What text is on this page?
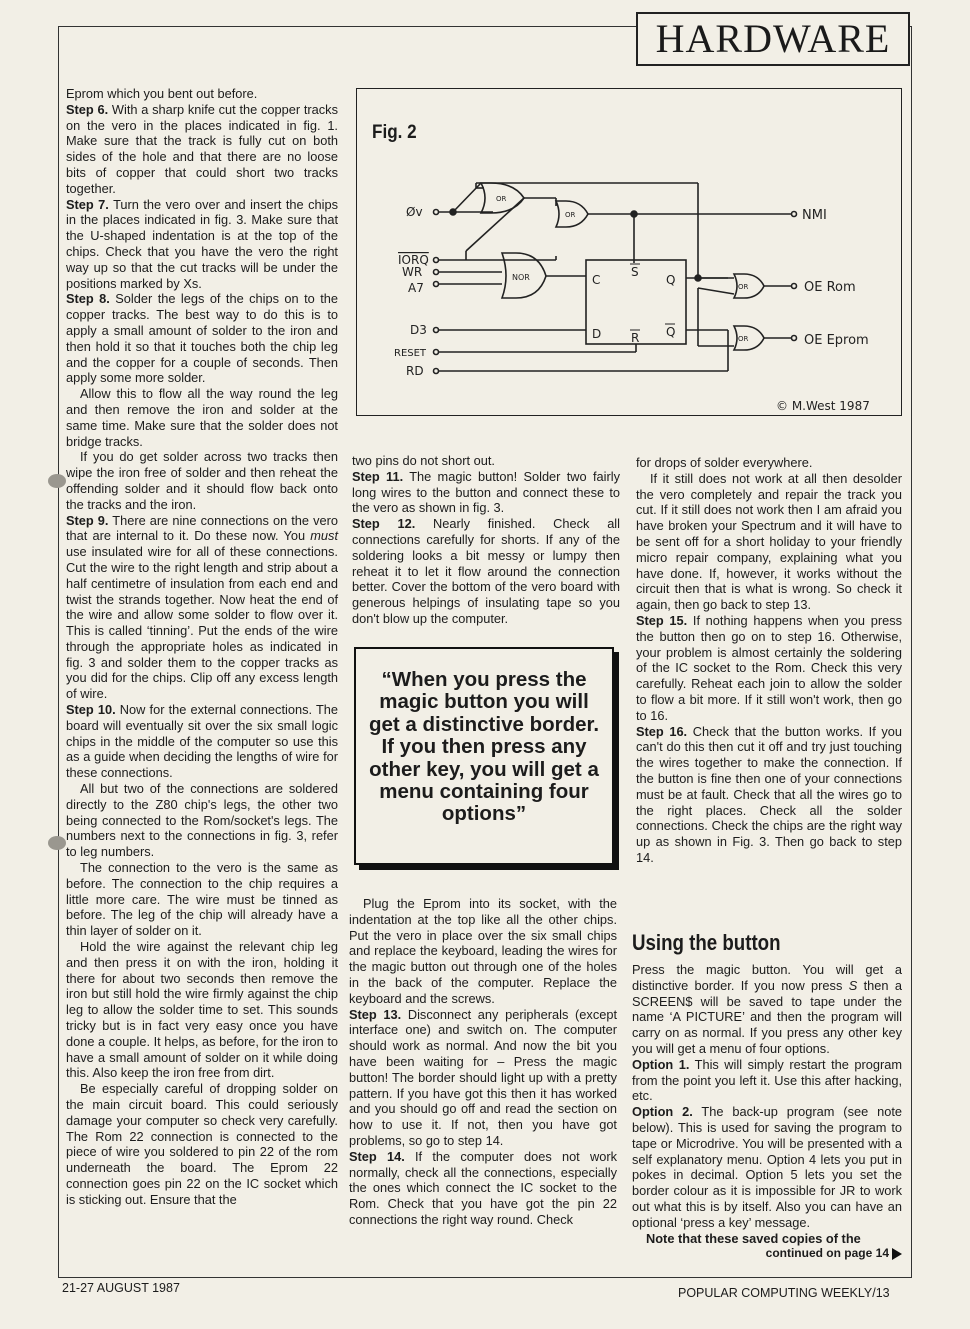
HARDWARE

Eprom which you bent out before.

Step 6. With a sharp knife cut the copper tracks on the vero in the places indicated in fig. 1. Make sure that the track is fully cut on both sides of the hole and that there are no loose bits of copper that could short two tracks together.

Step 7. Turn the vero over and insert the chips in the places indicated in fig. 3. Make sure that the U-shaped indentation is at the top of the chips. Check that you have the vero the right way up so that the cut tracks will be under the positions marked by Xs.

Step 8. Solder the legs of the chips on to the copper tracks. The best way to do this is to apply a small amount of solder to the iron and then hold it so that it touches both the chip leg and the copper for a couple of seconds. Then apply some more solder.

Allow this to flow all the way round the leg and then remove the iron and solder at the same time. Make sure that the solder does not bridge tracks.

If you do get solder across two tracks then wipe the iron free of solder and then reheat the offending solder and it should flow back onto the tracks and the iron.

Step 9. There are nine connections on the vero that are internal to it. Do these now. You must use insulated wire for all of these connections. Cut the wire to the right length and strip about a half centimetre of insulation from each end and twist the strands together. Now heat the end of the wire and allow some solder to flow over it. This is called ‘tinning’. Put the ends of the wire through the appropriate holes as indicated in fig. 3 and solder them to the copper tracks as you did for the chips. Clip off any excess length of wire.

Step 10. Now for the external connections. The board will eventually sit over the six small logic chips in the middle of the computer so use this as a guide when deciding the lengths of wire for these connections.

All but two of the connections are soldered directly to the Z80 chip's legs, the other two being connected to the Rom/socket's legs. The numbers next to the connections in fig. 3, refer to leg numbers.

The connection to the vero is the same as before. The connection to the chip requires a little more care. The wire must be tinned as before. The leg of the chip will already have a thin layer of solder on it.

Hold the wire against the relevant chip leg and then press it on with the iron, holding it there for about two seconds then remove the iron but still hold the wire firmly against the chip leg to allow the solder time to set. This sounds tricky but is in fact very easy once you have done a couple. It helps, as before, for the iron to have a small amount of solder on it while doing this. Also keep the iron free from dirt.

Be especially careful of dropping solder on the main circuit board. This could seriously damage your computer so check very carefully. The Rom 22 connection is connected to the piece of wire you soldered to pin 22 of the rom underneath the board. The Eprom 22 connection goes pin 22 on the IC socket which is sticking out. Ensure that the

Fig. 2
Øv
IORQ
WR
A7
D3
RESET
RD
NMI
OE Rom
OE Eprom
OR
OR
NOR
OR
OR
C
D
S
R
Q
Q
© M.West 1987

two pins do not short out.

Step 11. The magic button! Solder two fairly long wires to the button and connect these to the vero as shown in fig. 3.

Step 12. Nearly finished. Check all connections carefully for shorts. If any of the soldering looks a bit messy or lumpy then reheat it to let it flow around the connection better. Cover the bottom of the vero board with generous helpings of insulating tape so you don't blow up the computer.

“When you press the magic button you will get a distinctive border. If you then press any other key, you will get a menu containing four options”

Plug the Eprom into its socket, with the indentation at the top like all the other chips. Put the vero in place over the six small chips and replace the keyboard, leading the wires for the magic button out through one of the holes in the back of the computer. Replace the keyboard and the screws.

Step 13. Disconnect any peripherals (except interface one) and switch on. The computer should work as normal. And now the bit you have been waiting for – Press the magic button! The border should light up with a pretty pattern. If you have got this then it has worked and you should go off and read the section on how to use it. If not, then you have got problems, so go to step 14.

Step 14. If the computer does not work normally, check all the connections, especially the ones which connect the IC socket to the Rom. Check that you have got the pin 22 connections the right way round. Check

for drops of solder everywhere.

If it still does not work at all then desolder the vero completely and repair the track you cut. If it still does not work then I am afraid you have broken your Spectrum and it will have to be sent off for a short holiday to your friendly micro repair company, explaining what you have done. If, however, it works without the circuit then that is what is wrong. So check it again, then go back to step 13.

Step 15. If nothing happens when you press the button then go on to step 16. Otherwise, your problem is almost certainly the soldering of the IC socket to the Rom. Check this very carefully. Reheat each join to allow the solder to flow a bit more. If it still won't work, then go to 16.

Step 16. Check that the button works. If you can't do this then cut it off and try just touching the wires together to make the connection. If the button is fine then one of your connections must be at fault. Check that all the wires go to the right places. Check all the solder connections. Check the chips are the right way up as shown in Fig. 3. Then go back to step 14.

Using the button

Press the magic button. You will get a distinctive border. If you now press S then a SCREEN$ will be saved to tape under the name ‘A PICTURE’ and then the program will carry on as normal. If you press any other key you will get a menu of four options.

Option 1. This will simply restart the program from the point you left it. Use this after hacking, etc.

Option 2. The back-up program (see note below). This is used for saving the program to tape or Microdrive. You will be presented with a self explanatory menu. Option 4 lets you put in pokes in decimal. Option 5 lets you set the border colour as it is impossible for JR to work out what this is by itself. Also you can have an optional ‘press a key’ message.

Note that these saved copies of the

continued on page 14
21-27 AUGUST 1987	POPULAR COMPUTING WEEKLY/13
